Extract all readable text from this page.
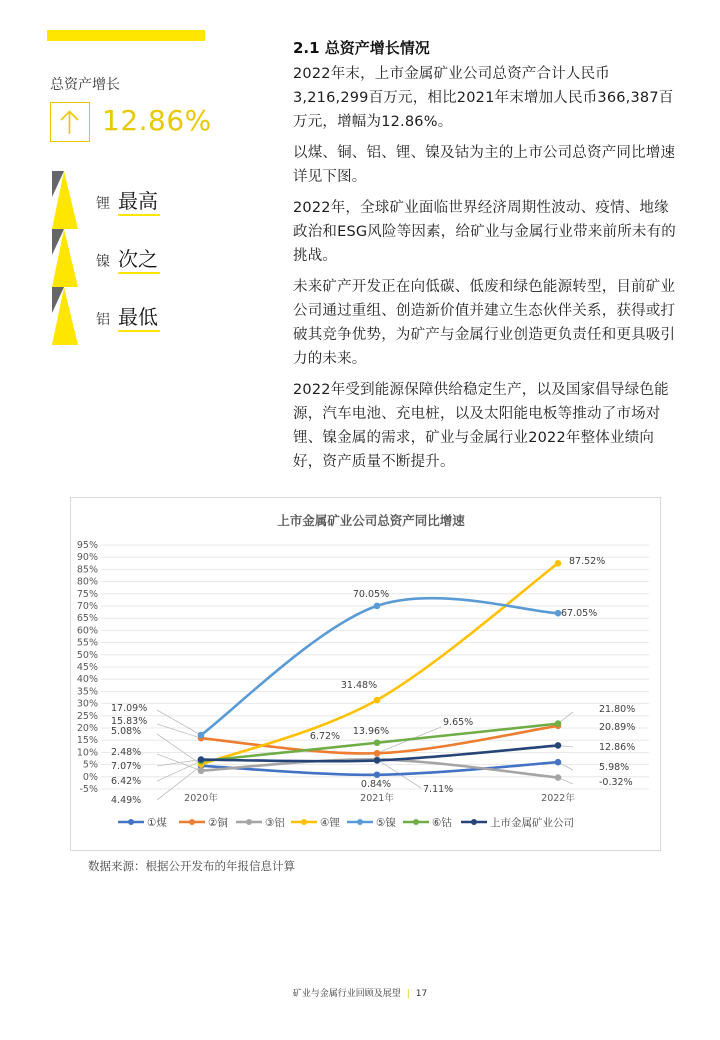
总资产增长
12.86%
锂 最高
镍 次之
铝 最低
2.1 总资产增长情况

2022年末，上市金属矿业公司总资产合计人民币3,216,299百万元，相比2021年末增加人民币366,387百万元，增幅为12.86%。

以煤、铜、铝、锂、镍及钴为主的上市公司总资产同比增速详见下图。

2022年，全球矿业面临世界经济周期性波动、疫情、地缘政治和ESG风险等因素，给矿业与金属行业带来前所未有的挑战。

未来矿产开发正在向低碳、低废和绿色能源转型，目前矿业公司通过重组、创造新价值并建立生态伙伴关系，获得或打破其竞争优势，为矿产与金属行业创造更负责任和更具吸引力的未来。

2022年受到能源保障供给稳定生产，以及国家倡导绿色能源，汽车电池、充电桩，以及太阳能电板等推动了市场对锂、镍金属的需求，矿业与金属行业2022年整体业绩向好，资产质量不断提升。

上市金属矿业公司总资产同比增速
-5%
0%
5%
10%
15%
20%
25%
30%
35%
40%
45%
50%
55%
60%
65%
70%
75%
80%
85%
90%
95%
2020年	2021年	2022年
4.49%
0.84%
5.98%
15.83%	9.65%	20.89%
2.48%
7.11%
-0.32%
5.08%
31.48%
87.52%
17.09%
70.05%
67.05%
6.42%
13.96%
21.80%
7.07%
6.72%
12.86%
①煤	②铜	③铝	④锂	⑤镍	⑥钴	上市金属矿业公司
数据来源：根据公开发布的年报信息计算
矿业与金属行业回顾及展望 | 17
